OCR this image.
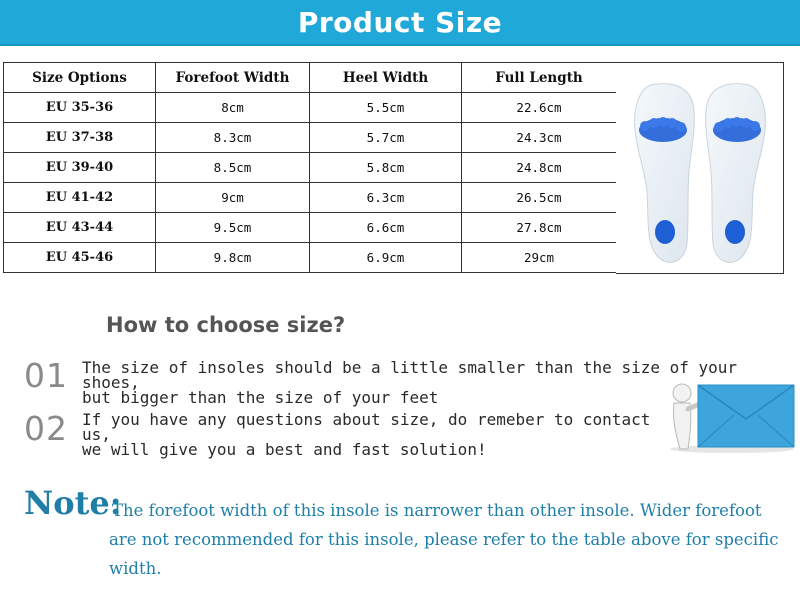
Product Size
Size Options	Forefoot Width	Heel Width	Full Length
EU 35-36	8cm	5.5cm	22.6cm
EU 37-38	8.3cm	5.7cm	24.3cm
EU 39-40	8.5cm	5.8cm	24.8cm
EU 41-42	9cm	6.3cm	26.5cm
EU 43-44	9.5cm	6.6cm	27.8cm
EU 45-46	9.8cm	6.9cm	29cm
How to choose size?
01 The size of insoles should be a little smaller than the size of your shoes,
but bigger than the size of your feet
02 If you have any questions about size, do remeber to contact us,
we will give you a best and fast solution!
Note:
The forefoot width of this insole is narrower than other insole. Wider forefoot are not recommended for this insole, please refer to the table above for specific width.
